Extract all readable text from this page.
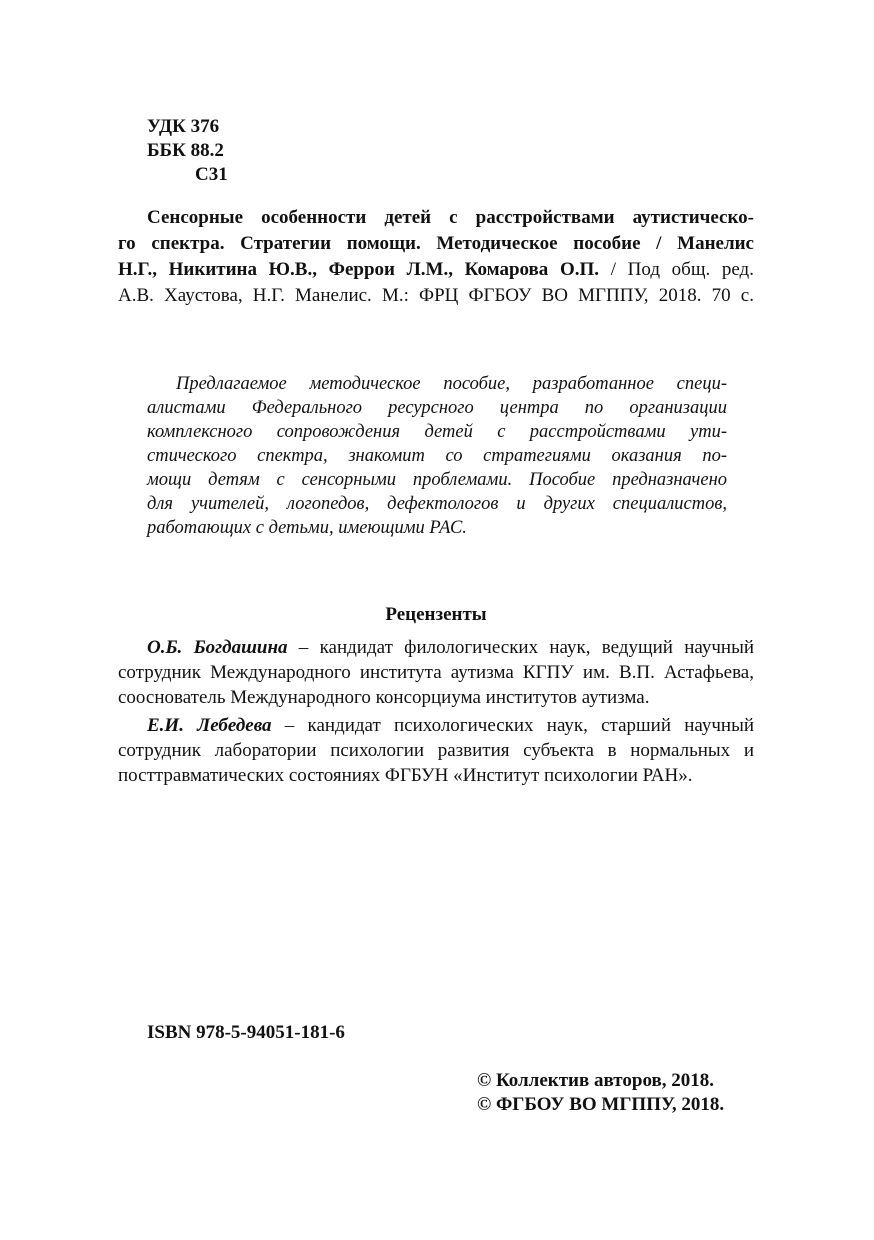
УДК 376
ББК 88.2
С31
Сенсорные особенности детей с расстройствами аутистическо-
го спектра. Стратегии помощи. Методическое пособие / Манелис
Н.Г., Никитина Ю.В., Феррои Л.М., Комарова О.П. / Под общ. ред.
А.В. Хаустова, Н.Г. Манелис. М.: ФРЦ ФГБОУ ВО МГППУ, 2018. 70 с.
Предлагаемое методическое пособие, разработанное специ-
алистами Федерального ресурсного центра по организации
комплексного сопровождения детей с расстройствами ути-
стического спектра, знакомит со стратегиями оказания по-
мощи детям с сенсорными проблемами. Пособие предназначено
для учителей, логопедов, дефектологов и других специалистов,
работающих с детьми, имеющими РАС.
Рецензенты
О.Б. Богдашина – кандидат филологических наук, ведущий научный
сотрудник Международного института аутизма КГПУ им. В.П. Астафьева,
сооснователь Международного консорциума институтов аутизма.
Е.И. Лебедева – кандидат психологических наук, старший научный
сотрудник лаборатории психологии развития субъекта в нормальных и
посттравматических состояниях ФГБУН «Институт психологии РАН».
ISBN 978-5-94051-181-6
© Коллектив авторов, 2018.
© ФГБОУ ВО МГППУ, 2018.
